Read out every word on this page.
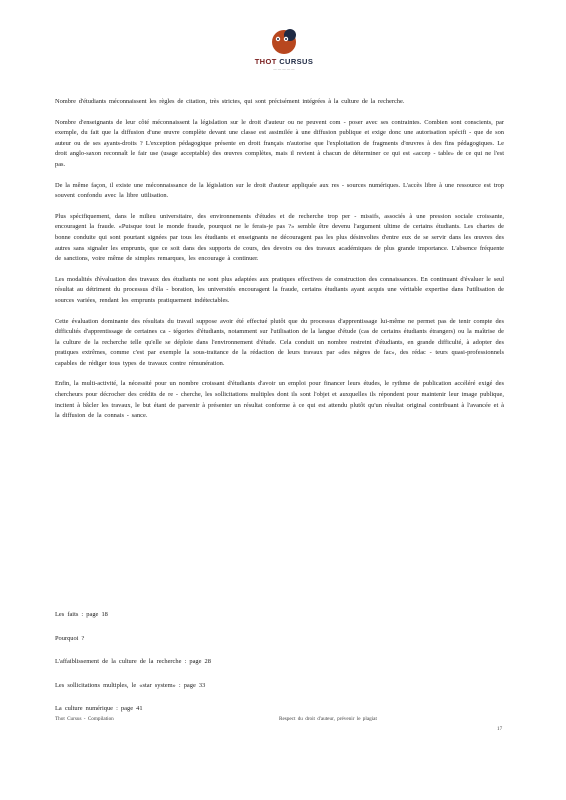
THOT CURSUS
— — — — —

Nombre d'étudiants méconnaissent les règles de citation, très strictes, qui sont précisément intégrées à la culture de la recherche.

Nombre d'enseignants de leur côté méconnaissent la législation sur le droit d'auteur ou ne peuvent com - poser avec ses contraintes. Combien sont conscients, par exemple, du fait que la diffusion d'une œuvre complète devant une classe est assimilée à une diffusion publique et exige donc une autorisation spécifi - que de son auteur ou de ses ayants-droits ? L'exception pédagogique présente en droit français n'autorise que l'exploitation de fragments d'œuvres à des fins pédagogiques. Le droit anglo-saxon reconnaît le fair use (usage acceptable) des œuvres complètes, mais il revient à chacun de déterminer ce qui est «accep - table» de ce qui ne l'est pas.

De la même façon, il existe une méconnaissance de la législation sur le droit d'auteur appliquée aux res - sources numériques. L'accès libre à une ressource est trop souvent confondu avec la libre utilisation.

Plus spécifiquement, dans le milieu universitaire, des environnements d'études et de recherche trop per - missifs, associés à une pression sociale croissante, encouragent la fraude. «Puisque tout le monde fraude, pourquoi ne le ferais-je pas ?» semble être devenu l'argument ultime de certains étudiants. Les chartes de bonne conduite qui sont pourtant signées par tous les étudiants et enseignants ne découragent pas les plus désinvoltes d'entre eux de se servir dans les œuvres des autres sans signaler les emprunts, que ce soit dans des supports de cours, des devoirs ou des travaux académiques de plus grande importance. L'absence fréquente de sanctions, voire même de simples remarques, les encourage à continuer.

Les modalités d'évaluation des travaux des étudiants ne sont plus adaptées aux pratiques effectives de construction des connaissances. En continuant d'évaluer le seul résultat au détriment du processus d'éla - boration, les universités encouragent la fraude, certains étudiants ayant acquis une véritable expertise dans l'utilisation de sources variées, rendant les emprunts pratiquement indétectables.

Cette évaluation dominante des résultats du travail suppose avoir été effectué plutôt que du processus d'apprentissage lui-même ne permet pas de tenir compte des difficultés d'apprentissage de certaines ca - tégories d'étudiants, notamment sur l'utilisation de la langue d'étude (cas de certains étudiants étrangers) ou la maîtrise de la culture de la recherche telle qu'elle se déploie dans l'environnement d'étude. Cela conduit un nombre restreint d'étudiants, en grande difficulté, à adopter des pratiques extrêmes, comme c'est par exemple la sous-traitance de la rédaction de leurs travaux par «des nègres de fac», des rédac - teurs quasi-professionnels capables de rédiger tous types de travaux contre rémunération.

Enfin, la multi-activité, la nécessité pour un nombre croissant d'étudiants d'avoir un emploi pour financer leurs études, le rythme de publication accéléré exigé des chercheurs pour décrocher des crédits de re - cherche, les sollicitations multiples dont ils sont l'objet et auxquelles ils répondent pour maintenir leur image publique, incitent à bâcler les travaux, le but étant de parvenir à présenter un résultat conforme à ce qui est attendu plutôt qu'un résultat original contribuant à l'avancée et à la diffusion de la connais - sance.

Les faits : page 18
Pourquoi ?
L'affaiblissement de la culture de la recherche : page 28
Les sollicitations multiples, le «star system» : page 33
La culture numérique : page 41
Thot Cursus - Compilation	Respect du droit d'auteur, prévenir le plagiat
17
